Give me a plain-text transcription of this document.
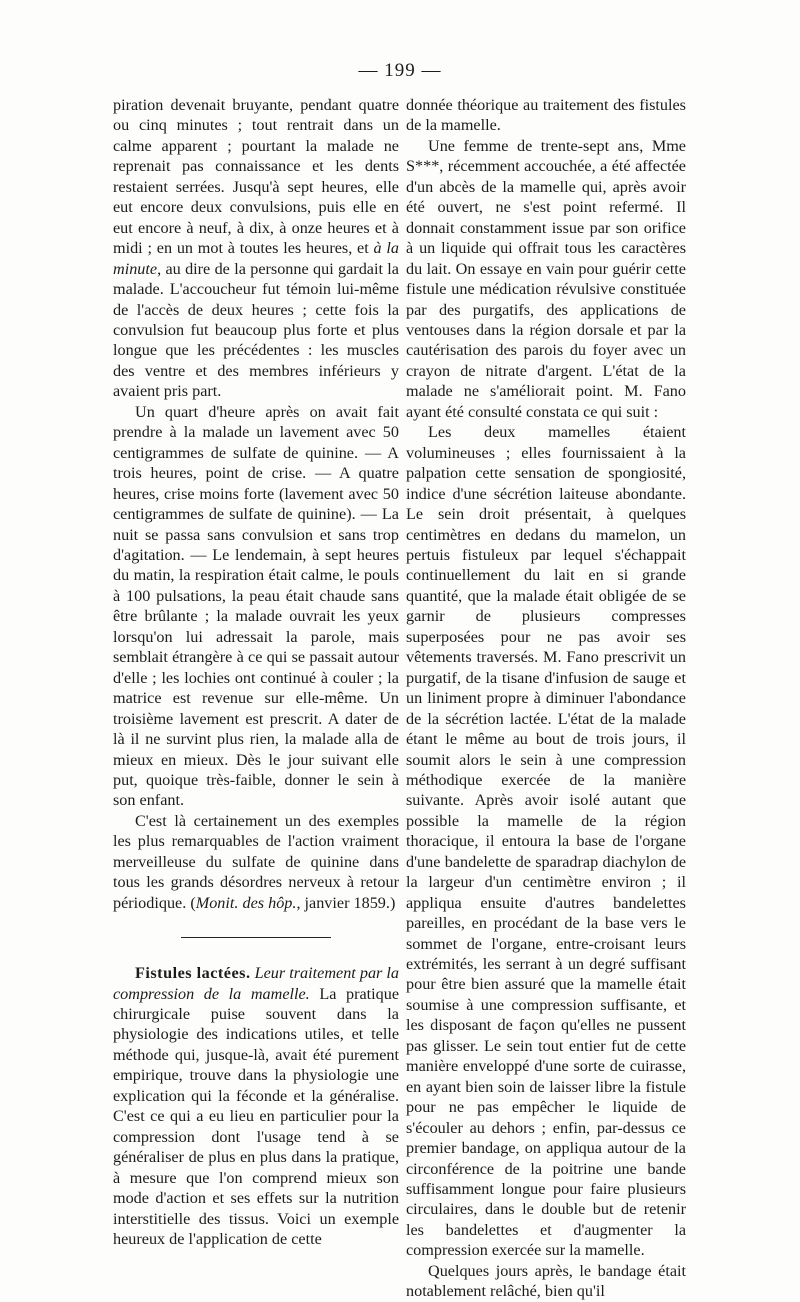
— 199 —

piration devenait bruyante, pendant quatre ou cinq minutes ; tout rentrait dans un calme apparent ; pourtant la malade ne reprenait pas connaissance et les dents restaient serrées. Jusqu'à sept heures, elle eut encore deux convulsions, puis elle en eut encore à neuf, à dix, à onze heures et à midi ; en un mot à toutes les heures, et à la minute, au dire de la personne qui gardait la malade. L'accoucheur fut témoin lui-même de l'accès de deux heures ; cette fois la convulsion fut beaucoup plus forte et plus longue que les précédentes : les muscles des ventre et des membres inférieurs y avaient pris part.

Un quart d'heure après on avait fait prendre à la malade un lavement avec 50 centigrammes de sulfate de quinine. — A trois heures, point de crise. — A quatre heures, crise moins forte (lavement avec 50 centigrammes de sulfate de quinine). — La nuit se passa sans convulsion et sans trop d'agitation. — Le lendemain, à sept heures du matin, la respiration était calme, le pouls à 100 pulsations, la peau était chaude sans être brûlante ; la malade ouvrait les yeux lorsqu'on lui adressait la parole, mais semblait étrangère à ce qui se passait autour d'elle ; les lochies ont continué à couler ; la matrice est revenue sur elle-même. Un troisième lavement est prescrit. A dater de là il ne survint plus rien, la malade alla de mieux en mieux. Dès le jour suivant elle put, quoique très-faible, donner le sein à son enfant.

C'est là certainement un des exemples les plus remarquables de l'action vraiment merveilleuse du sulfate de quinine dans tous les grands désordres nerveux à retour périodique. (Monit. des hôp., janvier 1859.)

Fistules lactées. Leur traitement par la compression de la mamelle. La pratique chirurgicale puise souvent dans la physiologie des indications utiles, et telle méthode qui, jusque-là, avait été purement empirique, trouve dans la physiologie une explication qui la féconde et la généralise. C'est ce qui a eu lieu en particulier pour la compression dont l'usage tend à se généraliser de plus en plus dans la pratique, à mesure que l'on comprend mieux son mode d'action et ses effets sur la nutrition interstitielle des tissus. Voici un exemple heureux de l'application de cette

donnée théorique au traitement des fistules de la mamelle.

Une femme de trente-sept ans, Mme S***, récemment accouchée, a été affectée d'un abcès de la mamelle qui, après avoir été ouvert, ne s'est point refermé. Il donnait constamment issue par son orifice à un liquide qui offrait tous les caractères du lait. On essaye en vain pour guérir cette fistule une médication révulsive constituée par des purgatifs, des applications de ventouses dans la région dorsale et par la cautérisation des parois du foyer avec un crayon de nitrate d'argent. L'état de la malade ne s'améliorait point. M. Fano ayant été consulté constata ce qui suit :

Les deux mamelles étaient volumineuses ; elles fournissaient à la palpation cette sensation de spongiosité, indice d'une sécrétion laiteuse abondante. Le sein droit présentait, à quelques centimètres en dedans du mamelon, un pertuis fistuleux par lequel s'échappait continuellement du lait en si grande quantité, que la malade était obligée de se garnir de plusieurs compresses superposées pour ne pas avoir ses vêtements traversés. M. Fano prescrivit un purgatif, de la tisane d'infusion de sauge et un liniment propre à diminuer l'abondance de la sécrétion lactée. L'état de la malade étant le même au bout de trois jours, il soumit alors le sein à une compression méthodique exercée de la manière suivante. Après avoir isolé autant que possible la mamelle de la région thoracique, il entoura la base de l'organe d'une bandelette de sparadrap diachylon de la largeur d'un centimètre environ ; il appliqua ensuite d'autres bandelettes pareilles, en procédant de la base vers le sommet de l'organe, entre-croisant leurs extrémités, les serrant à un degré suffisant pour être bien assuré que la mamelle était soumise à une compression suffisante, et les disposant de façon qu'elles ne pussent pas glisser. Le sein tout entier fut de cette manière enveloppé d'une sorte de cuirasse, en ayant bien soin de laisser libre la fistule pour ne pas empêcher le liquide de s'écouler au dehors ; enfin, par-dessus ce premier bandage, on appliqua autour de la circonférence de la poitrine une bande suffisamment longue pour faire plusieurs circulaires, dans le double but de retenir les bandelettes et d'augmenter la compression exercée sur la mamelle.

Quelques jours après, le bandage était notablement relâché, bien qu'il
